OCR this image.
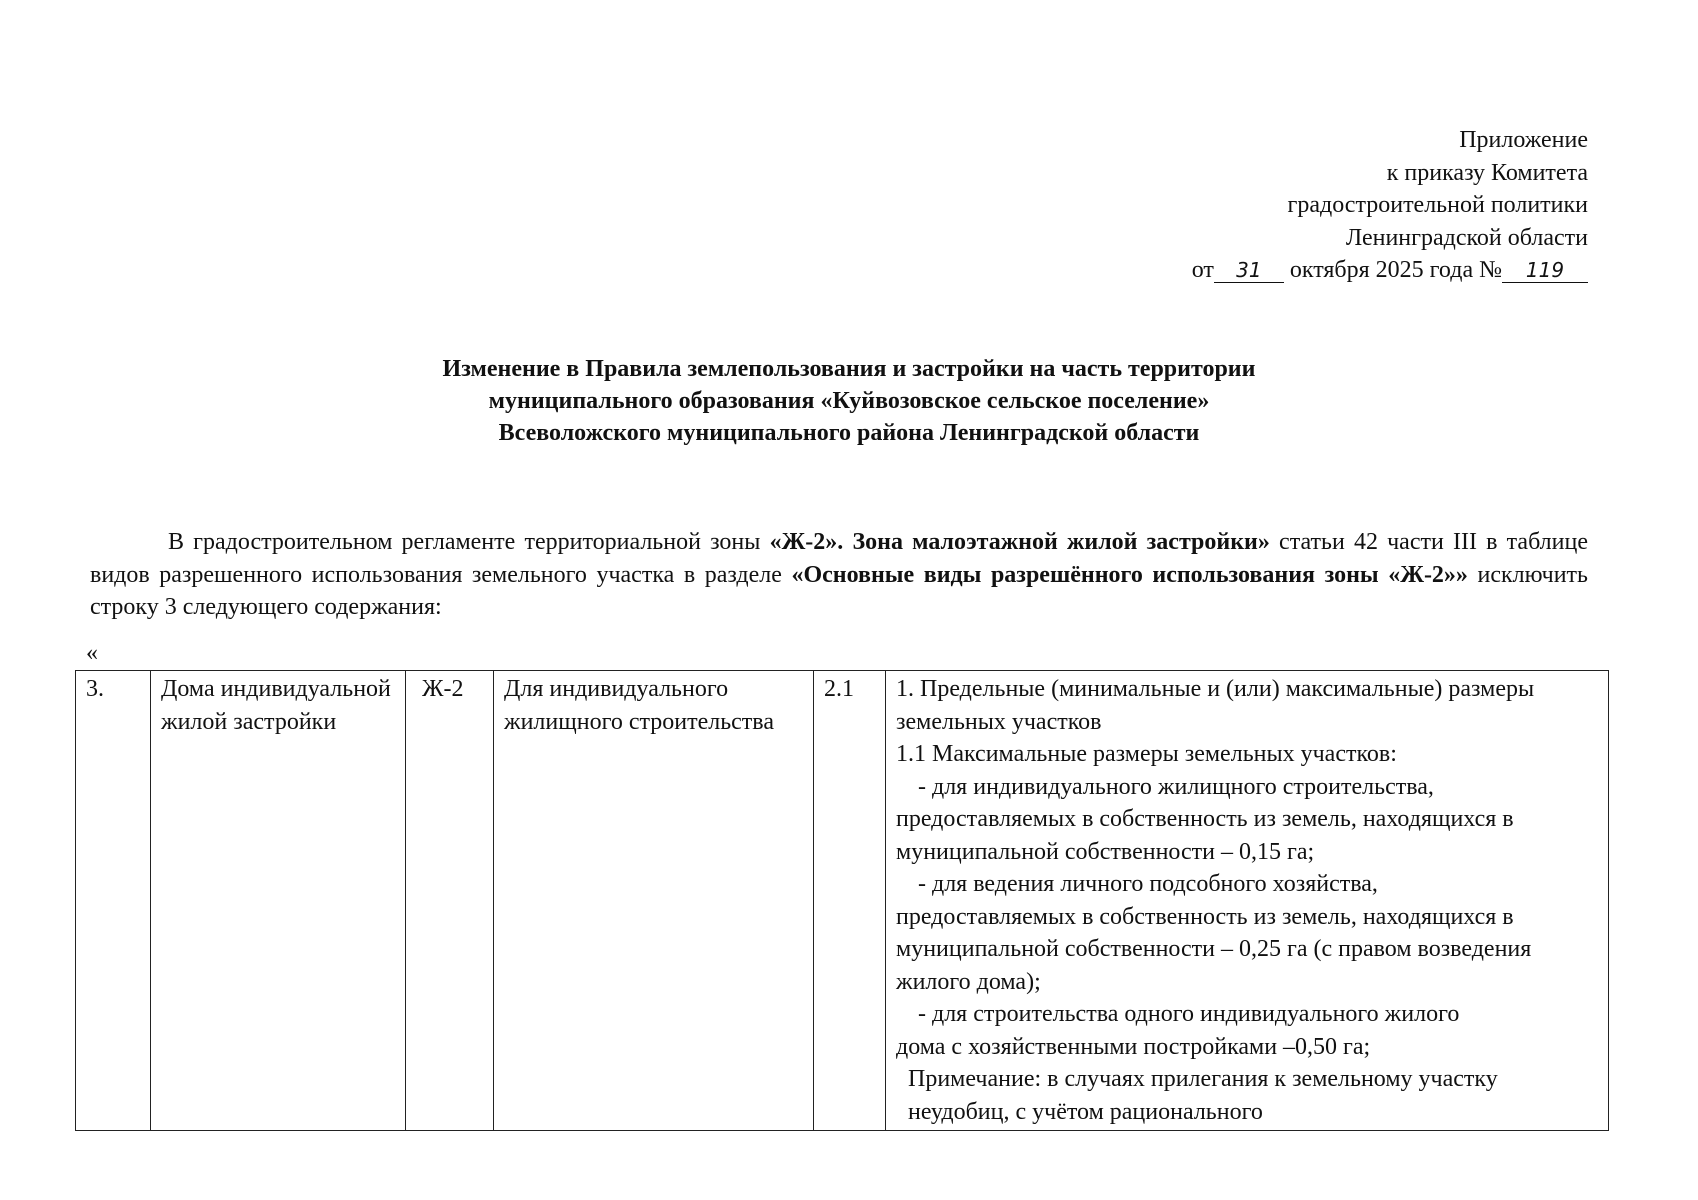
Приложение
к приказу Комитета
градостроительной политики
Ленинградской области
от 31 октября 2025 года № 119
Изменение в Правила землепользования и застройки на часть территории
муниципального образования «Куйвозовское сельское поселение»
Всеволожского муниципального района Ленинградской области
В градостроительном регламенте территориальной зоны «Ж-2». Зона малоэтажной жилой застройки» статьи 42 части III в таблице видов разрешенного использования земельного участка в разделе «Основные виды разрешённого использования зоны «Ж-2»» исключить строку 3 следующего содержания:
«
3.	Дома индивидуальной жилой застройки	Ж-2	Для индивидуального жилищного строительства	2.1	1. Предельные (минимальные и (или) максимальные) размеры земельных участков
1.1 Максимальные размеры земельных участков:
- для индивидуального жилищного строительства,
предоставляемых в собственность из земель, находящихся в муниципальной собственности – 0,15 га;
- для ведения личного подсобного хозяйства,
предоставляемых в собственность из земель, находящихся в муниципальной собственности – 0,25 га (с правом возведения жилого дома);
- для строительства одного индивидуального жилого
дома с хозяйственными постройками –0,50 га;
Примечание: в случаях прилегания к земельному участку неудобиц, с учётом рационального
